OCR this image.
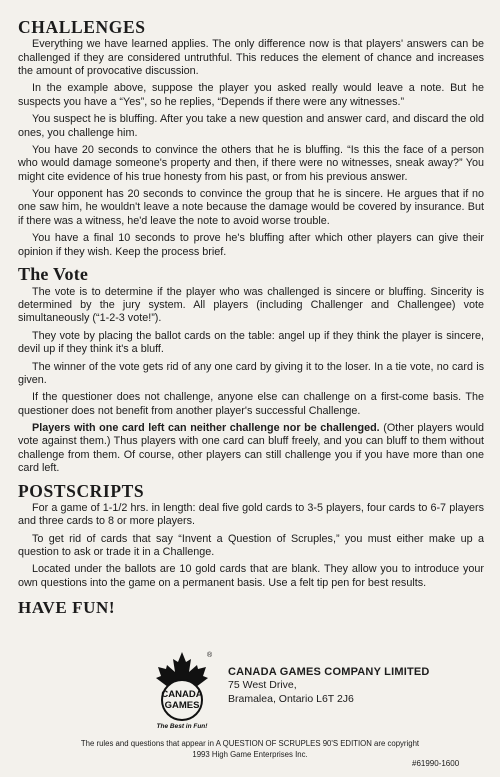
CHALLENGES

Everything we have learned applies. The only difference now is that players' answers can be challenged if they are considered untruthful. This reduces the element of chance and increases the amount of provocative discussion.

In the example above, suppose the player you asked really would leave a note. But he suspects you have a “Yes”, so he replies, “Depends if there were any witnesses.”

You suspect he is bluffing. After you take a new question and answer card, and discard the old ones, you challenge him.

You have 20 seconds to convince the others that he is bluffing. “Is this the face of a person who would damage someone's property and then, if there were no witnesses, sneak away?” You might cite evidence of his true honesty from his past, or from his previous answer.

Your opponent has 20 seconds to convince the group that he is sincere. He argues that if no one saw him, he wouldn't leave a note because the damage would be covered by insurance. But if there was a witness, he'd leave the note to avoid worse trouble.

You have a final 10 seconds to prove he's bluffing after which other players can give their opinion if they wish. Keep the process brief.

The Vote

The vote is to determine if the player who was challenged is sincere or bluffing. Sincerity is determined by the jury system. All players (including Challenger and Challengee) vote simultaneously (“1-2-3 vote!”).

They vote by placing the ballot cards on the table: angel up if they think the player is sincere, devil up if they think it's a bluff.

The winner of the vote gets rid of any one card by giving it to the loser. In a tie vote, no card is given.

If the questioner does not challenge, anyone else can challenge on a first-come basis. The questioner does not benefit from another player's successful Challenge.

Players with one card left can neither challenge nor be challenged. (Other players would vote against them.) Thus players with one card can bluff freely, and you can bluff to them without challenge from them. Of course, other players can still challenge you if you have more than one card left.

POSTSCRIPTS

For a game of 1-1/2 hrs. in length: deal five gold cards to 3-5 players, four cards to 6-7 players and three cards to 8 or more players.

To get rid of cards that say “Invent a Question of Scruples,” you must either make up a question to ask or trade it in a Challenge.

Located under the ballots are 10 gold cards that are blank. They allow you to introduce your own questions into the game on a permanent basis. Use a felt tip pen for best results.

HAVE FUN!
CANADA
GAMES
®
The Best in Fun!
CANADA GAMES COMPANY LIMITED
75 West Drive,
Bramalea, Ontario L6T 2J6
The rules and questions that appear in A QUESTION OF SCRUPLES 90'S EDITION are copyright
1993 High Game Enterprises Inc.
#61990-1600
